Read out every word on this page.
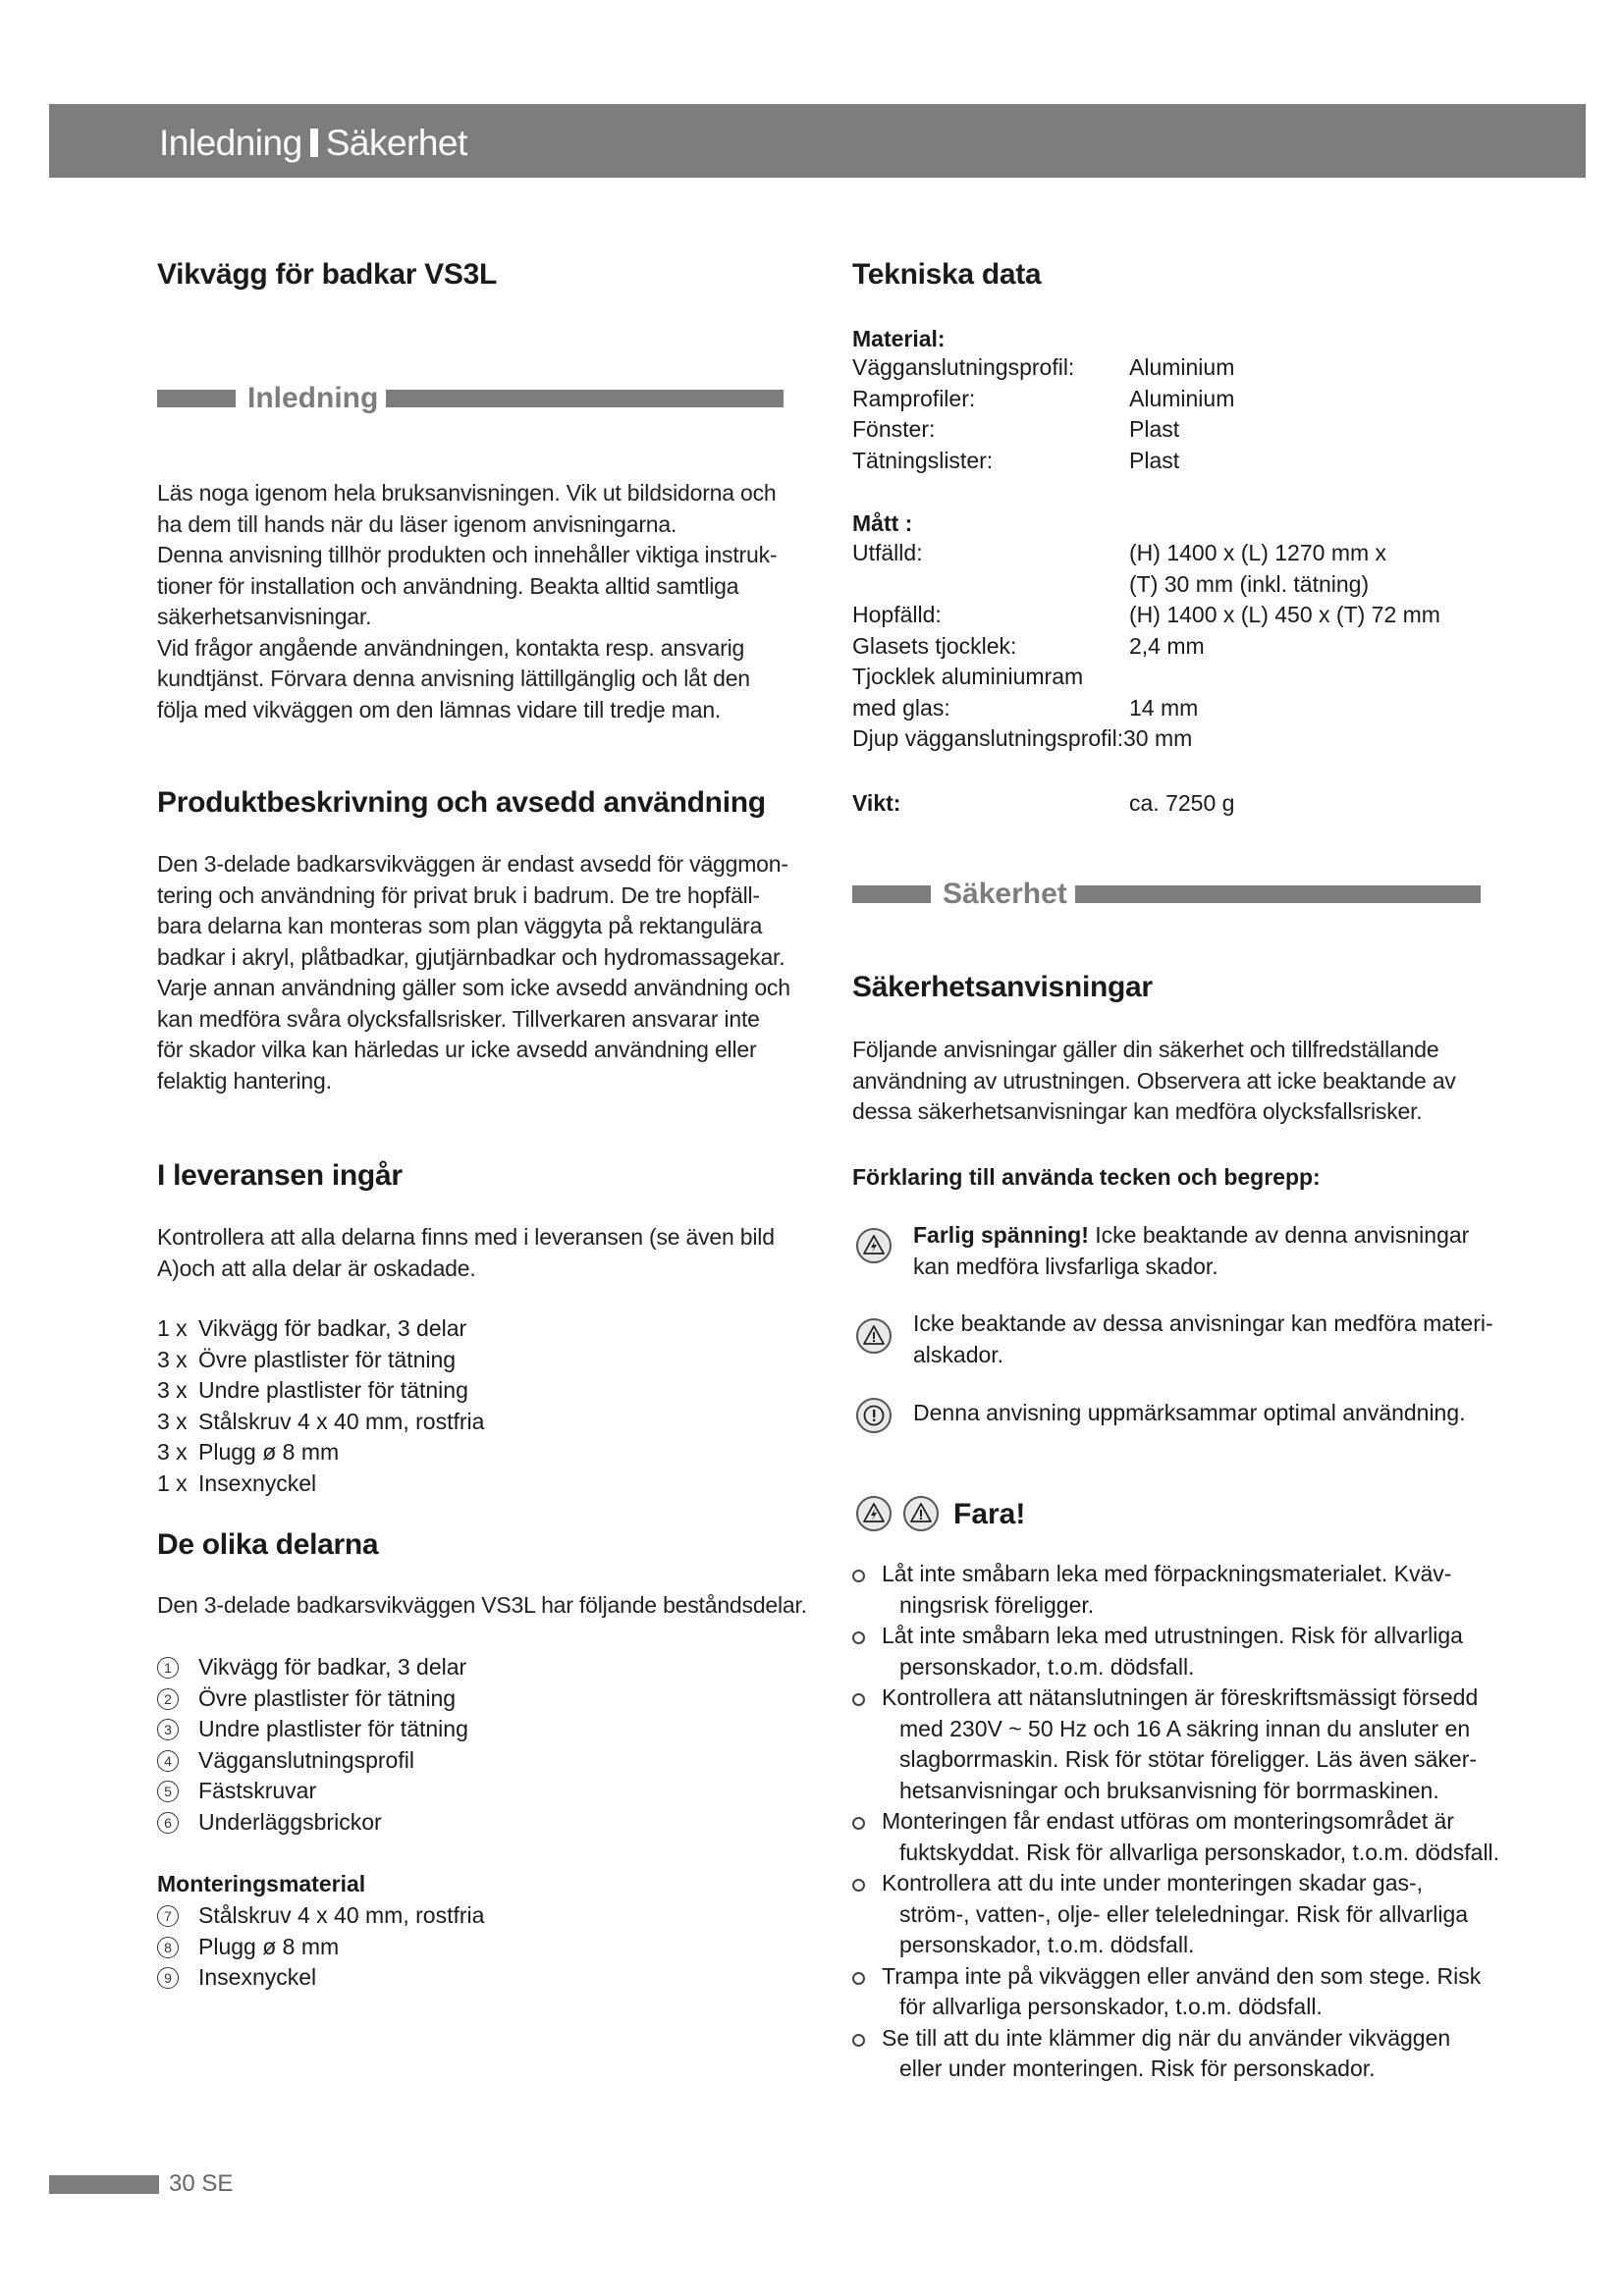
Inledning Säkerhet
Vikvägg för badkar VS3L
Inledning
Läs noga igenom hela bruksanvisningen. Vik ut bildsidorna och
ha dem till hands när du läser igenom anvisningarna.
Denna anvisning tillhör produkten och innehåller viktiga instruk-
tioner för installation och användning. Beakta alltid samtliga
säkerhetsanvisningar.
Vid frågor angående användningen, kontakta resp. ansvarig
kundtjänst. Förvara denna anvisning lättillgänglig och låt den
följa med vikväggen om den lämnas vidare till tredje man.
Produktbeskrivning och avsedd användning
Den 3-delade badkarsvikväggen är endast avsedd för väggmon-
tering och användning för privat bruk i badrum. De tre hopfäll-
bara delarna kan monteras som plan väggyta på rektangulära
badkar i akryl, plåtbadkar, gjutjärnbadkar och hydromassagekar.
Varje annan användning gäller som icke avsedd användning och
kan medföra svåra olycksfallsrisker. Tillverkaren ansvarar inte
för skador vilka kan härledas ur icke avsedd användning eller
felaktig hantering.
I leveransen ingår
Kontrollera att alla delarna finns med i leveransen (se även bild
A)och att alla delar är oskadade.
1 x Vikvägg för badkar, 3 delar
3 x Övre plastlister för tätning
3 x Undre plastlister för tätning
3 x Stålskruv 4 x 40 mm, rostfria
3 x Plugg ø 8 mm
1 x Insexnyckel
De olika delarna
Den 3-delade badkarsvikväggen VS3L har följande beståndsdelar.
1	Vikvägg för badkar, 3 delar
2	Övre plastlister för tätning
3	Undre plastlister för tätning
4	Vägganslutningsprofil
5	Fästskruvar
6	Underläggsbrickor
Monteringsmaterial
7	Stålskruv 4 x 40 mm, rostfria
8	Plugg ø 8 mm
9	Insexnyckel
Tekniska data
Material:
Vägganslutningsprofil: Aluminium
Ramprofiler:	Aluminium
Fönster:	Plast
Tätningslister:	Plast
Mått :
Utfälld:	(H) 1400 x (L) 1270 mm x
(T) 30 mm (inkl. tätning)
Hopfälld:	(H) 1400 x (L) 450 x (T) 72 mm
Glasets tjocklek:	2,4 mm
Tjocklek aluminiumram
med glas:	14 mm
Djup vägganslutningsprofil: 30 mm
Vikt:	ca. 7250 g
Säkerhet
Säkerhetsanvisningar
Följande anvisningar gäller din säkerhet och tillfredställande
användning av utrustningen. Observera att icke beaktande av
dessa säkerhetsanvisningar kan medföra olycksfallsrisker.
Förklaring till använda tecken och begrepp:
Farlig spänning! Icke beaktande av denna anvisningar
kan medföra livsfarliga skador.
Icke beaktande av dessa anvisningar kan medföra materi-
alskador.
Denna anvisning uppmärksammar optimal användning.
Fara!
Låt inte småbarn leka med förpackningsmaterialet. Kväv-
ningsrisk föreligger.
Låt inte småbarn leka med utrustningen. Risk för allvarliga
personskador, t.o.m. dödsfall.
Kontrollera att nätanslutningen är föreskriftsmässigt försedd
med 230V ~ 50 Hz och 16 A säkring innan du ansluter en
slagborrmaskin. Risk för stötar föreligger. Läs även säker-
hetsanvisningar och bruksanvisning för borrmaskinen.
Monteringen får endast utföras om monteringsområdet är
fuktskyddat. Risk för allvarliga personskador, t.o.m. dödsfall.
Kontrollera att du inte under monteringen skadar gas-,
ström-, vatten-, olje- eller teleledningar. Risk för allvarliga
personskador, t.o.m. dödsfall.
Trampa inte på vikväggen eller använd den som stege. Risk
för allvarliga personskador, t.o.m. dödsfall.
Se till att du inte klämmer dig när du använder vikväggen
eller under monteringen. Risk för personskador.
30 SE
